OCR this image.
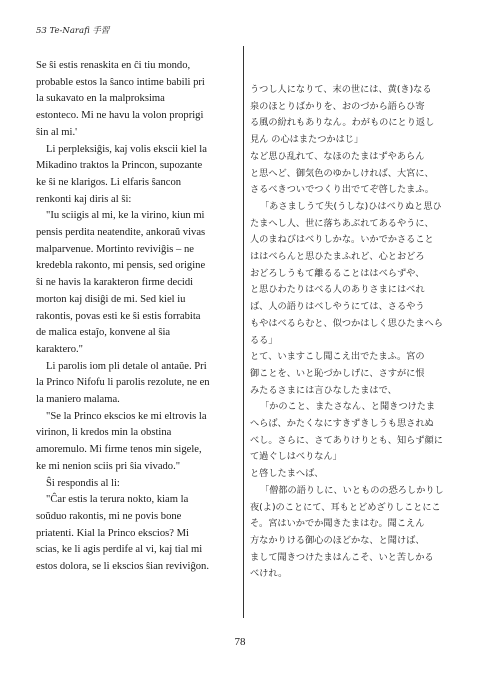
53 Te-Narafi 手習
Se ŝi estis renaskita en ĉi tiu mondo,
probable estos la ŝanco intime babili pri
la sukavato en la malproksima
estonteco. Mi ne havu la volon proprigi
ŝin al mi.'
Li perpleksiĝis, kaj volis ekscii kiel la
Mikadino traktos la Princon, supozante
ke ŝi ne klarigos. Li elfaris ŝancon
renkonti kaj diris al ŝi:
"Iu sciigis al mi, ke la virino, kiun mi
pensis perdita neatendite, ankoraŭ vivas
malparvenue. Mortinto reviviĝis – ne
kredebla rakonto, mi pensis, sed origine
ŝi ne havis la karakteron firme decidi
morton kaj disiĝi de mi. Sed kiel iu
rakontis, povas esti ke ŝi estis forrabita
de malica estaĵo, konvene al ŝia
karaktero."
Li parolis iom pli detale ol antaŭe. Pri
la Princo Nifofu li parolis rezolute, ne en
la maniero malama.
"Se la Princo ekscios ke mi eltrovis la
virinon, li kredos min la obstina
amoremulo. Mi firme tenos min sigele,
ke mi nenion sciis pri ŝia vivado."
Ŝi respondis al li:
"Ĉar estis la terura nokto, kiam la
soŭduo rakontis, mi ne povis bone
priatenti. Kial la Princo ekscios? Mi
scias, ke li agis perdife al vi, kaj tial mi
estos dolora, se li ekscios ŝian reviviĝon.
うつし人になりて、末の世には、黄(き)なる
泉のほとりばかりを、おのづから語らひ寄
る風の紛れもありなん。わがものにとり返し
見ん の心はまたつかはじ」
など思ひ乱れて、なほのたまはずやあらん
と思へど、御気色のゆかしければ、大宮に、
さるべきついでつくり出でてぞ啓したまふ。
「あさましうて失(うしな)ひはべりぬと思ひ
たまへし人、世に落ちあぶれてあるやうに、
人のまねびはべりしかな。いかでかさること
ははべらんと思ひたまふれど、心とおどろ
おどろしうもて離るることははべらずや、
と思ひわたりはべる人のありさまにはべれ
ば、人の語りはべしやうにては、さるやう
もやはべるらむと、似つかはしく思ひたまへら
るる」
とて、いますこし聞こえ出でたまふ。宮の
御ことを、いと恥づかしげに、さすがに恨
みたるさまには言ひなしたまはで、
「かのこと、またさなん、と聞きつけたま
へらば、かたくなにすきずきしうも思されぬ
べし。さらに、さてありけりとも、知らず顔に
て過ぐしはべりなん」
と啓したまへば、
「僧都の語りしに、いとものの恐ろしかりし
夜(よ)のことにて、耳もとどめざりしことにこ
そ。宮はいかでか聞きたまはむ。聞こえん
方なかりける御心のほどかな、と聞けば、
まして聞きつけたまはんこそ、いと苦しかる
べけれ。
78
